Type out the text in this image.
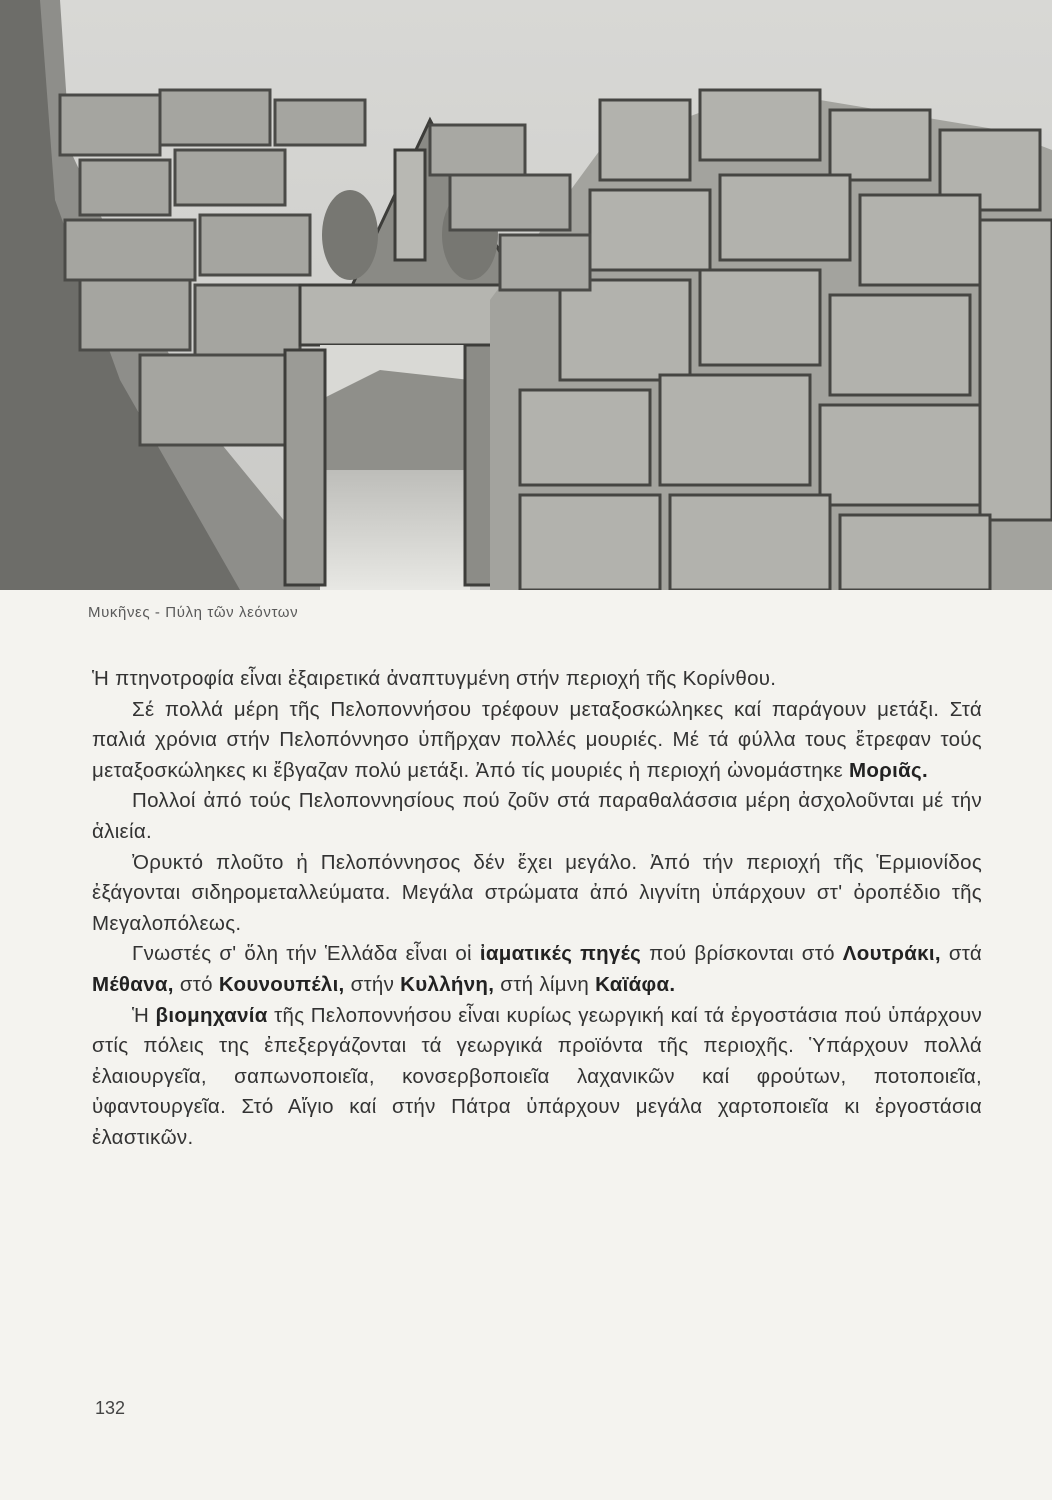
Μυκῆνες - Πύλη τῶν λεόντων

Ἡ πτηνοτροφία εἶναι ἐξαιρετικά ἀναπτυγμένη στήν περιοχή τῆς Κορίνθου.

Σέ πολλά μέρη τῆς Πελοποννήσου τρέφουν μεταξοσκώληκες καί παράγουν μετάξι. Στά παλιά χρόνια στήν Πελοπόννησο ὑπῆρχαν πολλές μουριές. Μέ τά φύλλα τους ἔτρεφαν τούς μεταξοσκώληκες κι ἔβγαζαν πολύ μετάξι. Ἀπό τίς μουριές ἡ περιοχή ὠνομάστηκε Μοριᾶς.

Πολλοί ἀπό τούς Πελοποννησίους πού ζοῦν στά παραθαλάσσια μέρη ἀσχολοῦνται μέ τήν ἁλιεία.

Ὀρυκτό πλοῦτο ἡ Πελοπόννησος δέν ἔχει μεγάλο. Ἀπό τήν περιοχή τῆς Ἑρμιονίδος ἐξάγονται σιδηρομεταλλεύματα. Μεγάλα στρώματα ἀπό λιγνίτη ὑπάρχουν στ' ὀροπέδιο τῆς Μεγαλοπόλεως.

Γνωστές σ' ὅλη τήν Ἑλλάδα εἶναι οἱ ἰαματικές πηγές πού βρίσκονται στό Λουτράκι, στά Μέθανα, στό Κουνουπέλι, στήν Κυλλήνη, στή λίμνη Καϊάφα.

Ἡ βιομηχανία τῆς Πελοποννήσου εἶναι κυρίως γεωργική καί τά ἐργοστάσια πού ὑπάρχουν στίς πόλεις της ἐπεξεργάζονται τά γεωργικά προϊόντα τῆς περιοχῆς. Ὑπάρχουν πολλά ἐλαιουργεῖα, σαπωνοποιεῖα, κονσερβοποιεῖα λαχανικῶν καί φρούτων, ποτοποιεῖα, ὑφαντουργεῖα. Στό Αἴγιο καί στήν Πάτρα ὑπάρχουν μεγάλα χαρτοποιεῖα κι ἐργοστάσια ἐλαστικῶν.

132
